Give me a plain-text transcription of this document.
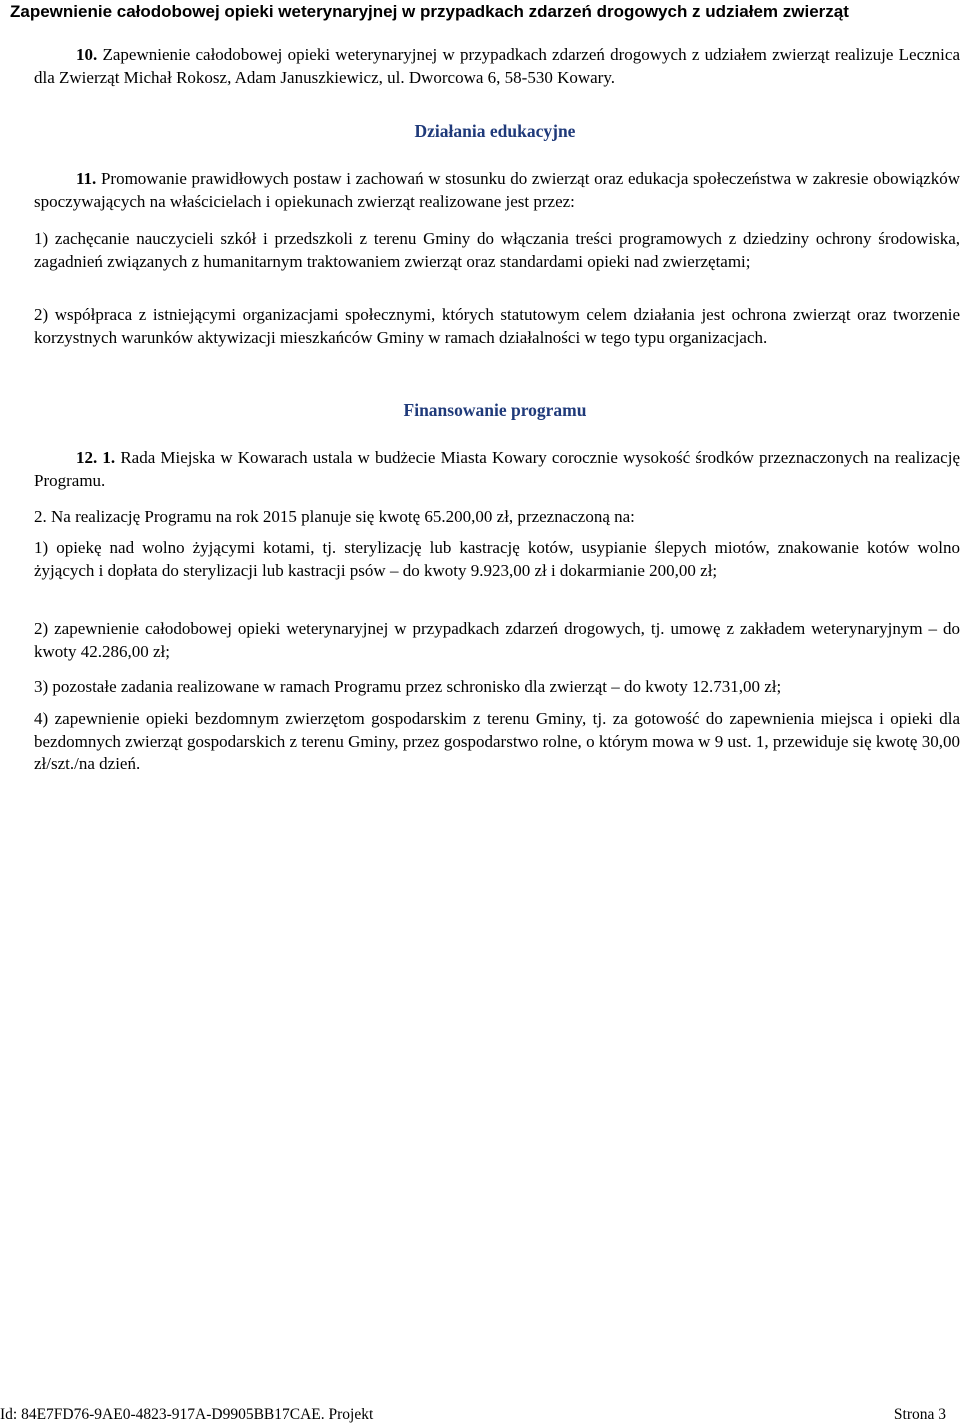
Zapewnienie całodobowej opieki weterynaryjnej w przypadkach zdarzeń drogowych z udziałem zwierząt
10. Zapewnienie całodobowej opieki weterynaryjnej w przypadkach zdarzeń drogowych z udziałem zwierząt realizuje Lecznica dla Zwierząt Michał Rokosz, Adam Januszkiewicz, ul. Dworcowa 6, 58-530 Kowary.
Działania edukacyjne
11. Promowanie prawidłowych postaw i zachowań w stosunku do zwierząt oraz edukacja społeczeństwa w zakresie obowiązków spoczywających na właścicielach i opiekunach zwierząt realizowane jest przez:
1) zachęcanie nauczycieli szkół i przedszkoli z terenu Gminy do włączania treści programowych z dziedziny ochrony środowiska, zagadnień związanych z humanitarnym traktowaniem zwierząt oraz standardami opieki nad zwierzętami;
2) współpraca z istniejącymi organizacjami społecznymi, których statutowym celem działania jest ochrona zwierząt oraz tworzenie korzystnych warunków aktywizacji mieszkańców Gminy w ramach działalności w tego typu organizacjach.
Finansowanie programu
12. 1. Rada Miejska w Kowarach ustala w budżecie Miasta Kowary corocznie wysokość środków przeznaczonych na realizację Programu.
2. Na realizację Programu na rok 2015 planuje się kwotę 65.200,00 zł, przeznaczoną na:
1) opiekę nad wolno żyjącymi kotami, tj. sterylizację lub kastrację kotów, usypianie ślepych miotów, znakowanie kotów wolno żyjących i dopłata do sterylizacji lub kastracji psów – do kwoty 9.923,00 zł i dokarmianie 200,00 zł;
2) zapewnienie całodobowej opieki weterynaryjnej w przypadkach zdarzeń drogowych, tj. umowę z zakładem weterynaryjnym – do kwoty 42.286,00 zł;
3) pozostałe zadania realizowane w ramach Programu przez schronisko dla zwierząt – do kwoty 12.731,00 zł;
4) zapewnienie opieki bezdomnym zwierzętom gospodarskim z terenu Gminy, tj. za gotowość do zapewnienia miejsca i opieki dla bezdomnych zwierząt gospodarskich z terenu Gminy, przez gospodarstwo rolne, o którym mowa w 9 ust. 1, przewiduje się kwotę 30,00 zł/szt./na dzień.
Id: 84E7FD76-9AE0-4823-917A-D9905BB17CAE. Projekt	Strona 3
